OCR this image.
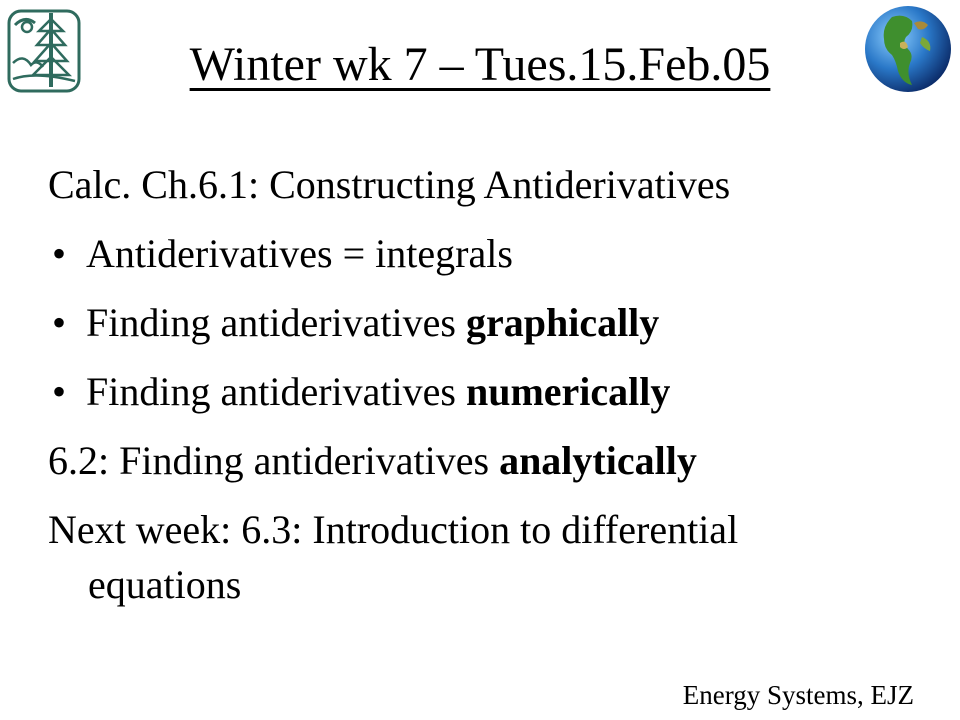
Winter wk 7 – Tues.15.Feb.05
Calc. Ch.6.1: Constructing Antiderivatives
• Antiderivatives = integrals
• Finding antiderivatives graphically
• Finding antiderivatives numerically
6.2: Finding antiderivatives analytically
Next week: 6.3: Introduction to differential
equations
Energy Systems, EJZ
